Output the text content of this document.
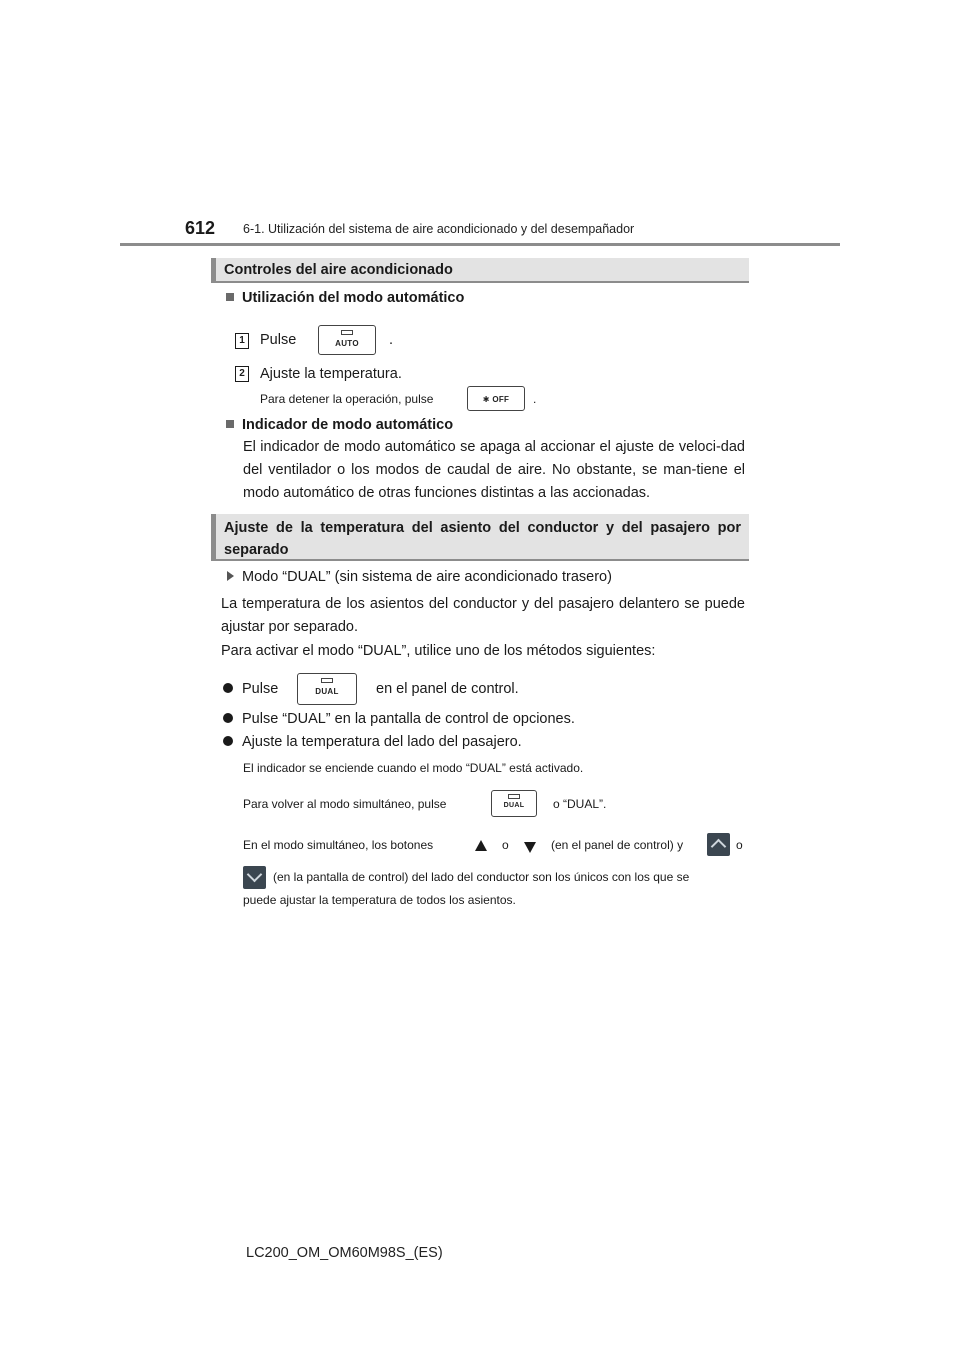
612 6-1. Utilización del sistema de aire acondicionado y del desempañador
Controles del aire acondicionado
Utilización del modo automático
1 Pulse	AUTO	.
2 Ajuste la temperatura.
Para detener la operación, pulse	✱ OFF	.
Indicador de modo automático
El indicador de modo automático se apaga al accionar el ajuste de veloci-dad del ventilador o los modos de caudal de aire. No obstante, se man-tiene el modo automático de otras funciones distintas a las accionadas.
Ajuste de la temperatura del asiento del conductor y del pasajero por separado
Modo “DUAL” (sin sistema de aire acondicionado trasero)
La temperatura de los asientos del conductor y del pasajero delantero se puede ajustar por separado.
Para activar el modo “DUAL”, utilice uno de los métodos siguientes:
Pulse	DUAL	en el panel de control.
Pulse “DUAL” en la pantalla de control de opciones.
Ajuste la temperatura del lado del pasajero.
El indicador se enciende cuando el modo “DUAL” está activado.
Para volver al modo simultáneo, pulse	DUAL	o “DUAL”.
En el modo simultáneo, los botones	o	(en el panel de control) y	o
(en la pantalla de control) del lado del conductor son los únicos con los que se
puede ajustar la temperatura de todos los asientos.
LC200_OM_OM60M98S_(ES)
